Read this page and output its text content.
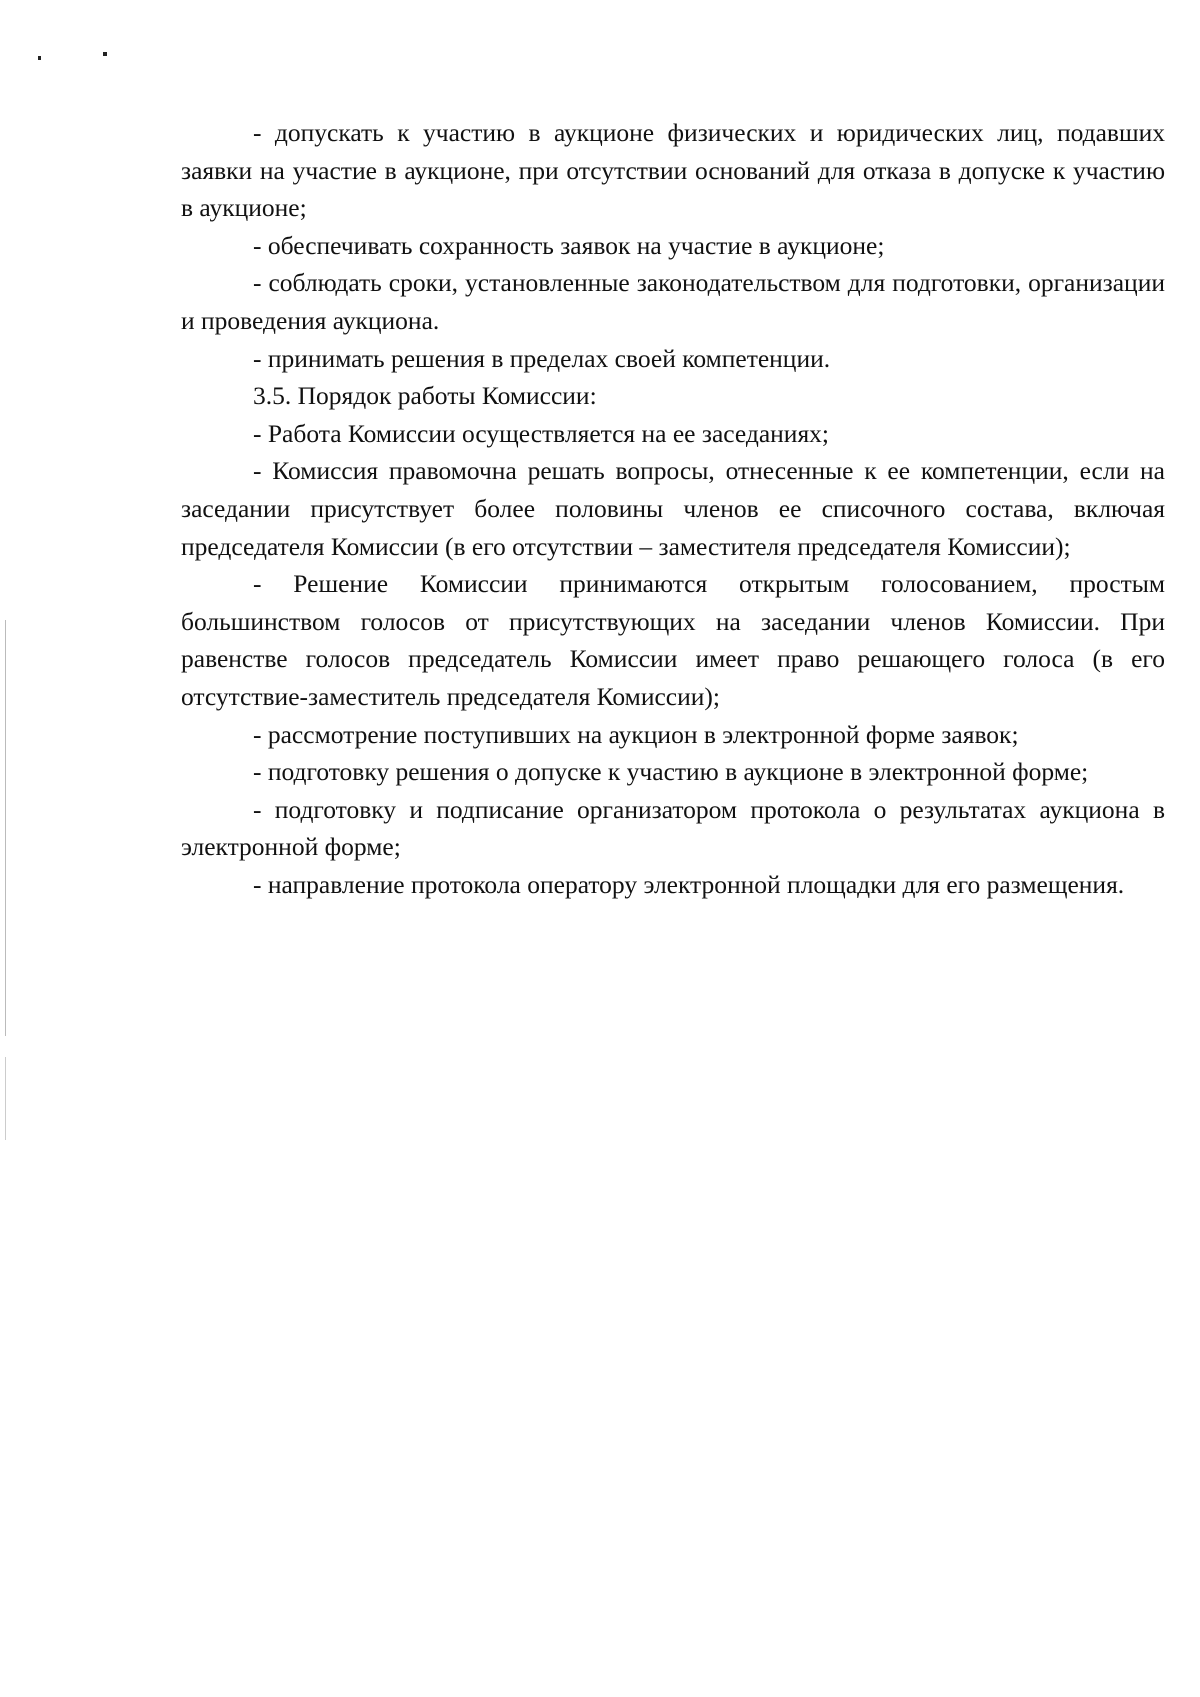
- допускать к участию в аукционе физических и юридических лиц, подавших заявки на участие в аукционе, при отсутствии оснований для отказа в допуске к участию в аукционе;

- обеспечивать сохранность заявок на участие в аукционе;

- соблюдать сроки, установленные законодательством для подготовки, организации и проведения аукциона.

- принимать решения в пределах своей компетенции.

3.5. Порядок работы Комиссии:

- Работа Комиссии осуществляется на ее заседаниях;

- Комиссия правомочна решать вопросы, отнесенные к ее компетенции, если на заседании присутствует более половины членов ее списочного состава, включая председателя Комиссии (в его отсутствии – заместителя председателя Комиссии);

- Решение Комиссии принимаются открытым голосованием, простым большинством голосов от присутствующих на заседании членов Комиссии. При равенстве голосов председатель Комиссии имеет право решающего голоса (в его отсутствие-заместитель председателя Комиссии);

- рассмотрение поступивших на аукцион в электронной форме заявок;

- подготовку решения о допуске к участию в аукционе в электронной форме;

- подготовку и подписание организатором протокола о результатах аукциона в электронной форме;

- направление протокола оператору электронной площадки для его размещения.
